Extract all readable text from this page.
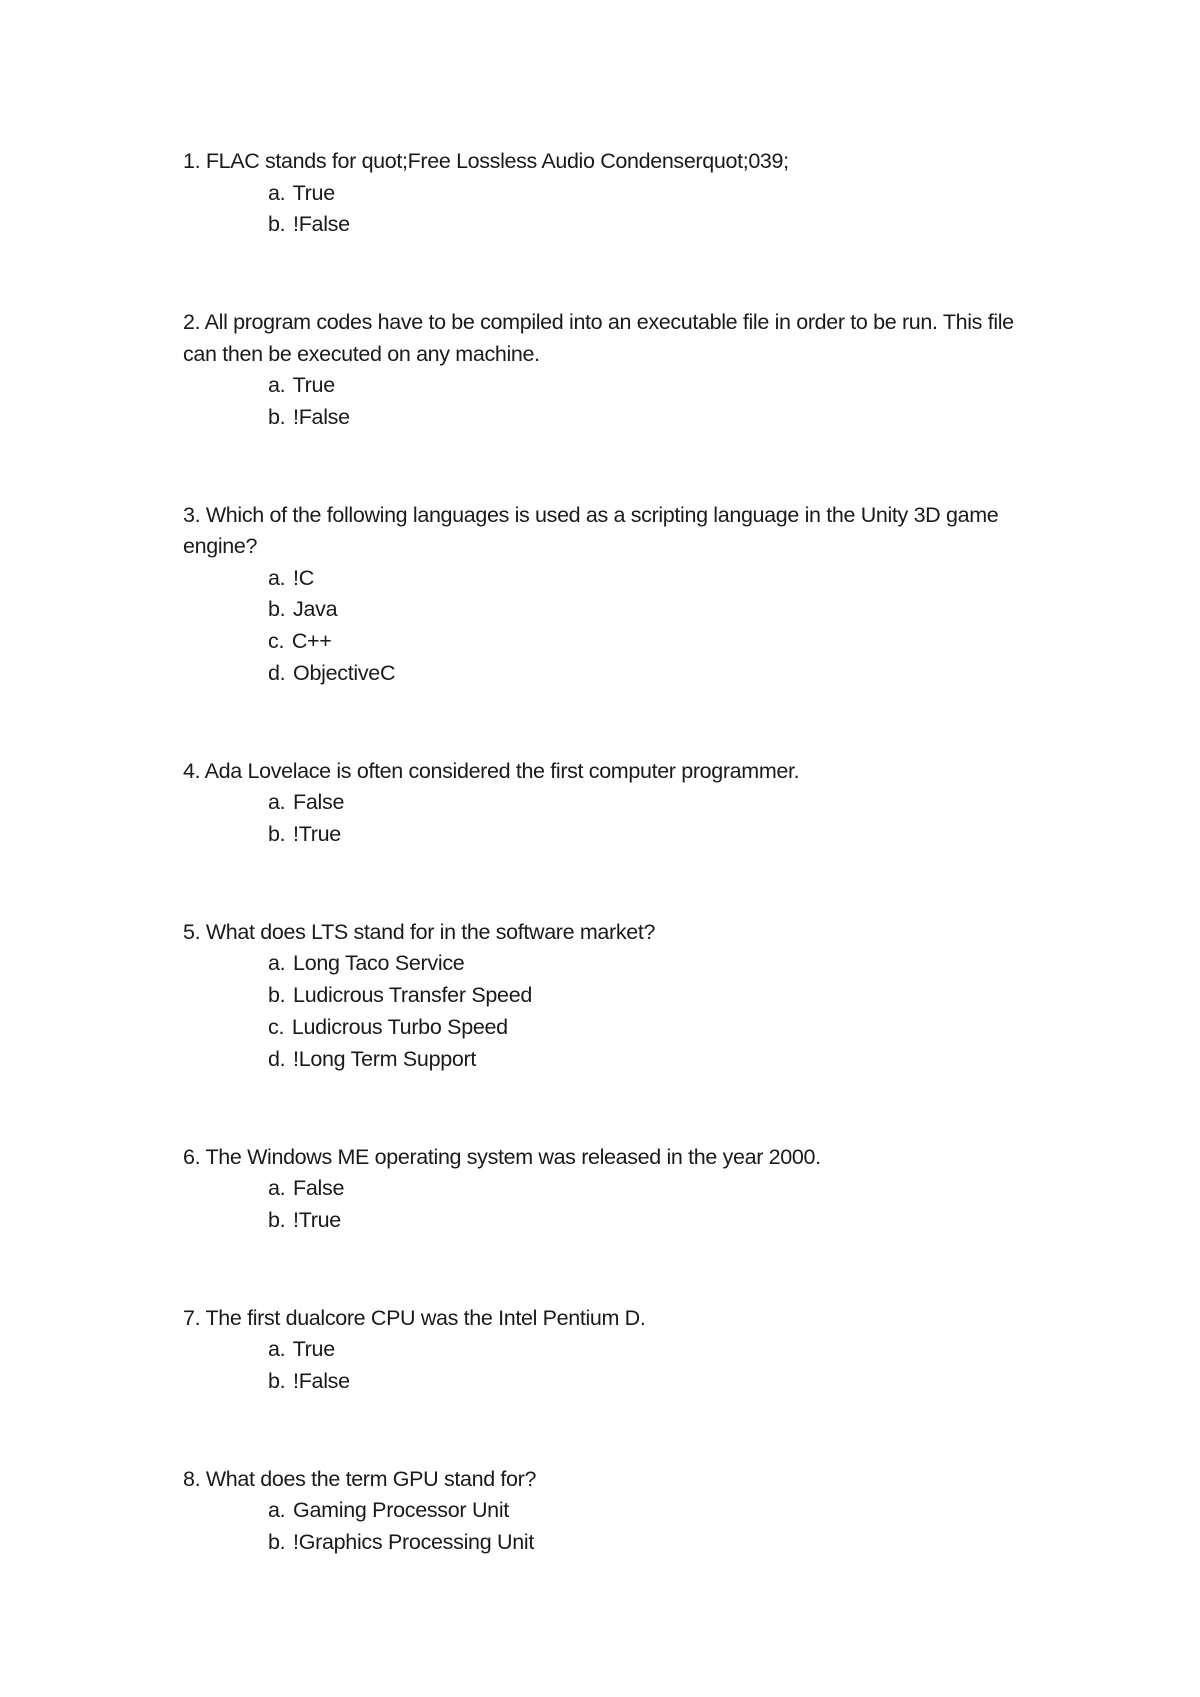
1. FLAC stands for quot;Free Lossless Audio Condenserquot;039;

a. True
b. !False

2. All program codes have to be compiled into an executable file in order to be run. This file can then be executed on any machine.

a. True
b. !False

3. Which of the following languages is used as a scripting language in the Unity 3D game engine?

a. !C
b. Java
c. C++
d. ObjectiveC

4. Ada Lovelace is often considered the first computer programmer.

a. False
b. !True

5. What does LTS stand for in the software market?

a. Long Taco Service
b. Ludicrous Transfer Speed
c. Ludicrous Turbo Speed
d. !Long Term Support

6. The Windows ME operating system was released in the year 2000.

a. False
b. !True

7. The first dualcore CPU was the Intel Pentium D.

a. True
b. !False

8. What does the term GPU stand for?

a. Gaming Processor Unit
b. !Graphics Processing Unit
